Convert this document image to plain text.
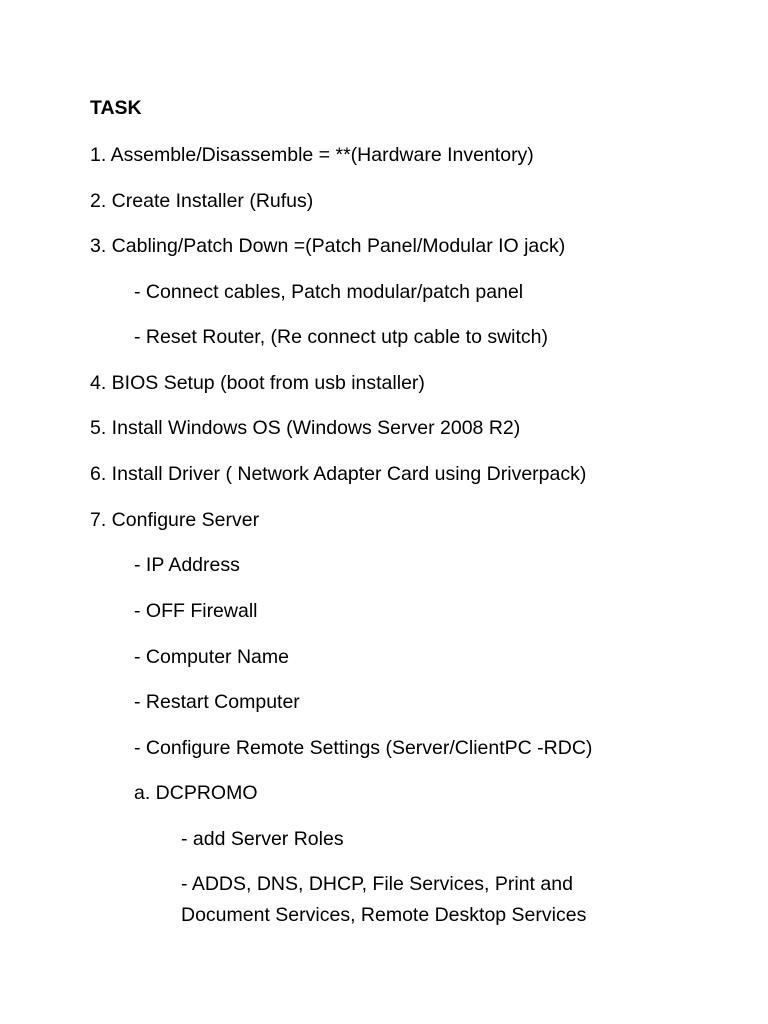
TASK

1. Assemble/Disassemble = **(Hardware Inventory)

2. Create Installer (Rufus)

3. Cabling/Patch Down =(Patch Panel/Modular IO jack)

- Connect cables, Patch modular/patch panel

- Reset Router, (Re connect utp cable to switch)

4. BIOS Setup (boot from usb installer)

5. Install Windows OS (Windows Server 2008 R2)

6. Install Driver ( Network Adapter Card using Driverpack)

7. Configure Server

- IP Address

- OFF Firewall

- Computer Name

- Restart Computer

- Configure Remote Settings (Server/ClientPC -RDC)

a. DCPROMO

- add Server Roles

- ADDS, DNS, DHCP, File Services, Print and Document Services, Remote Desktop Services
